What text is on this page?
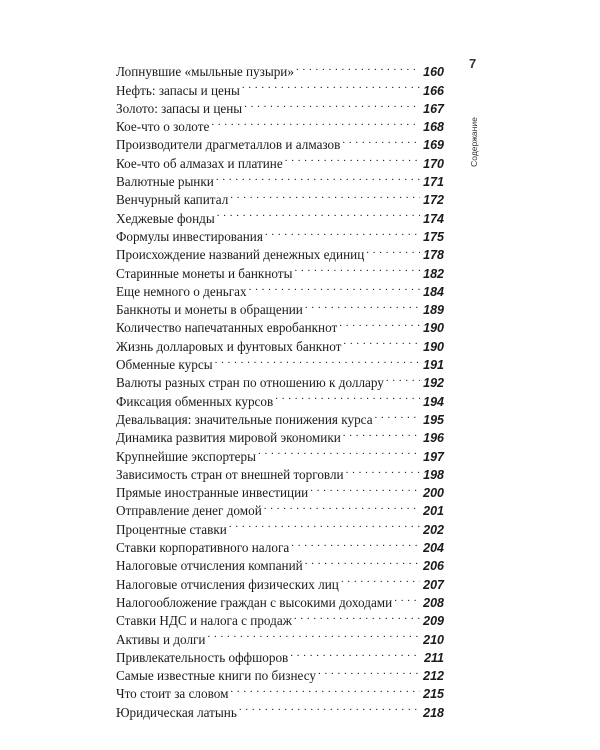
7
Содержание
Лопнувшие «мыльные пузыри» . . .	160
Нефть: запасы и цены . . .	166
Золото: запасы и цены . . .	167
Кое-что о золоте . . .	168
Производители драгметаллов и алмазов . . .	169
Кое-что об алмазах и платине . . .	170
Валютные рынки . . .	171
Венчурный капитал . . .	172
Хеджевые фонды . . .	174
Формулы инвестирования . . .	175
Происхождение названий денежных единиц . . .	178
Старинные монеты и банкноты . . .	182
Еще немного о деньгах . . .	184
Банкноты и монеты в обращении . . .	189
Количество напечатанных евробанкнот . . .	190
Жизнь долларовых и фунтовых банкнот . . .	190
Обменные курсы . . .	191
Валюты разных стран по отношению к доллару . . .	192
Фиксация обменных курсов . . .	194
Девальвация: значительные понижения курса . . .	195
Динамика развития мировой экономики . . .	196
Крупнейшие экспортеры . . .	197
Зависимость стран от внешней торговли . . .	198
Прямые иностранные инвестиции . . .	200
Отправление денег домой . . .	201
Процентные ставки . . .	202
Ставки корпоративного налога . . .	204
Налоговые отчисления компаний . . .	206
Налоговые отчисления физических лиц . . .	207
Налогообложение граждан с высокими доходами . . . 208
Ставки НДС и налога с продаж . . .	209
Активы и долги . . .	210
Привлекательность оффшоров . . .	211
Самые известные книги по бизнесу . . .	212
Что стоит за словом . . .	215
Юридическая латынь . . .	218
